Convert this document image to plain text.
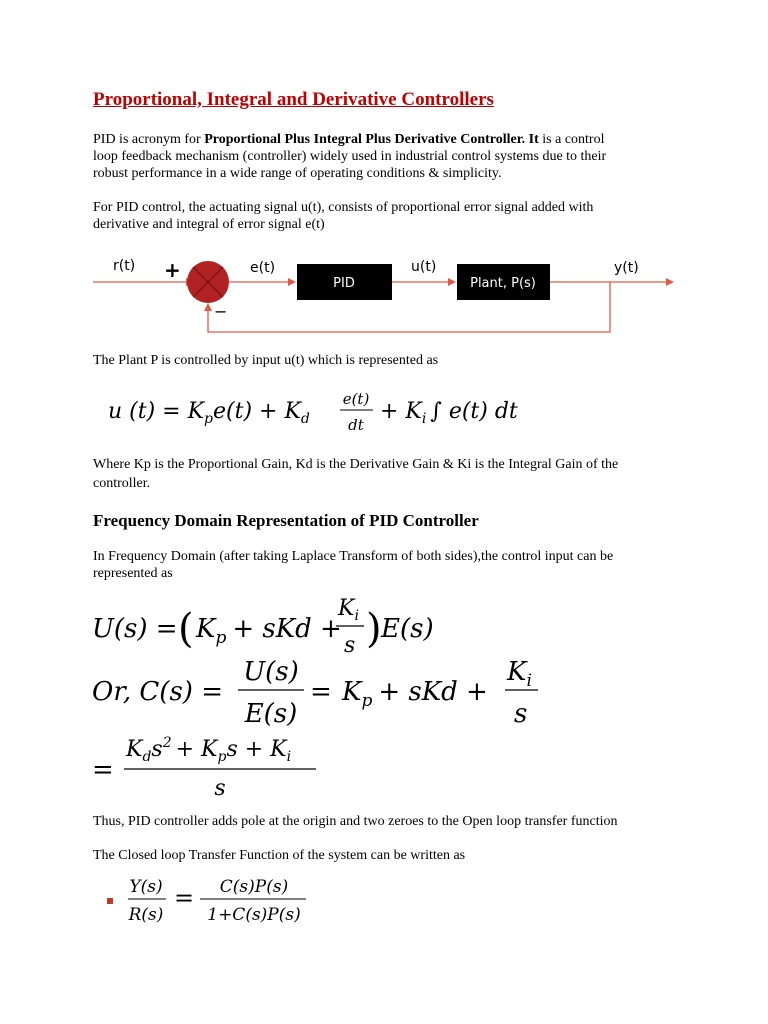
Proportional, Integral and Derivative Controllers
PID is acronym for Proportional Plus Integral Plus Derivative Controller. It is a control
loop feedback mechanism (controller) widely used in industrial control systems due to their
robust performance in a wide range of operating conditions & simplicity.
For PID control, the actuating signal u(t), consists of proportional error signal added with
derivative and integral of error signal e(t)
r(t) +	e(t)
PID
u(t)
Plant, P(s)
y(t)
−
The Plant P is controlled by input u(t) which is represented as
u $(t) = K_pe(t) + K_d$
e(t)
dt
+ $K_i$ ∫ e(t) dt
Where Kp is the Proportional Gain, Kd is the Derivative Gain & Ki is the Integral Gain of the
controller.
Frequency Domain Representation of PID Controller
In Frequency Domain (after taking Laplace Transform of both sides),the control input can be
represented as
U(s) = ( $K_p$ + sKd +
$K_i$
s ) E(s)
Or, C(s) =
U(s)
E(s)
= $K_p$ + sKd +
$K_i$
s
=
$K_ds^2 + K_ps + K_i$
s
Thus, PID controller adds pole at the origin and two zeroes to the Open loop transfer function
The Closed loop Transfer Function of the system can be written as
Y(s)
R(s)
= C(s)P(s)
1+C(s)P(s)
